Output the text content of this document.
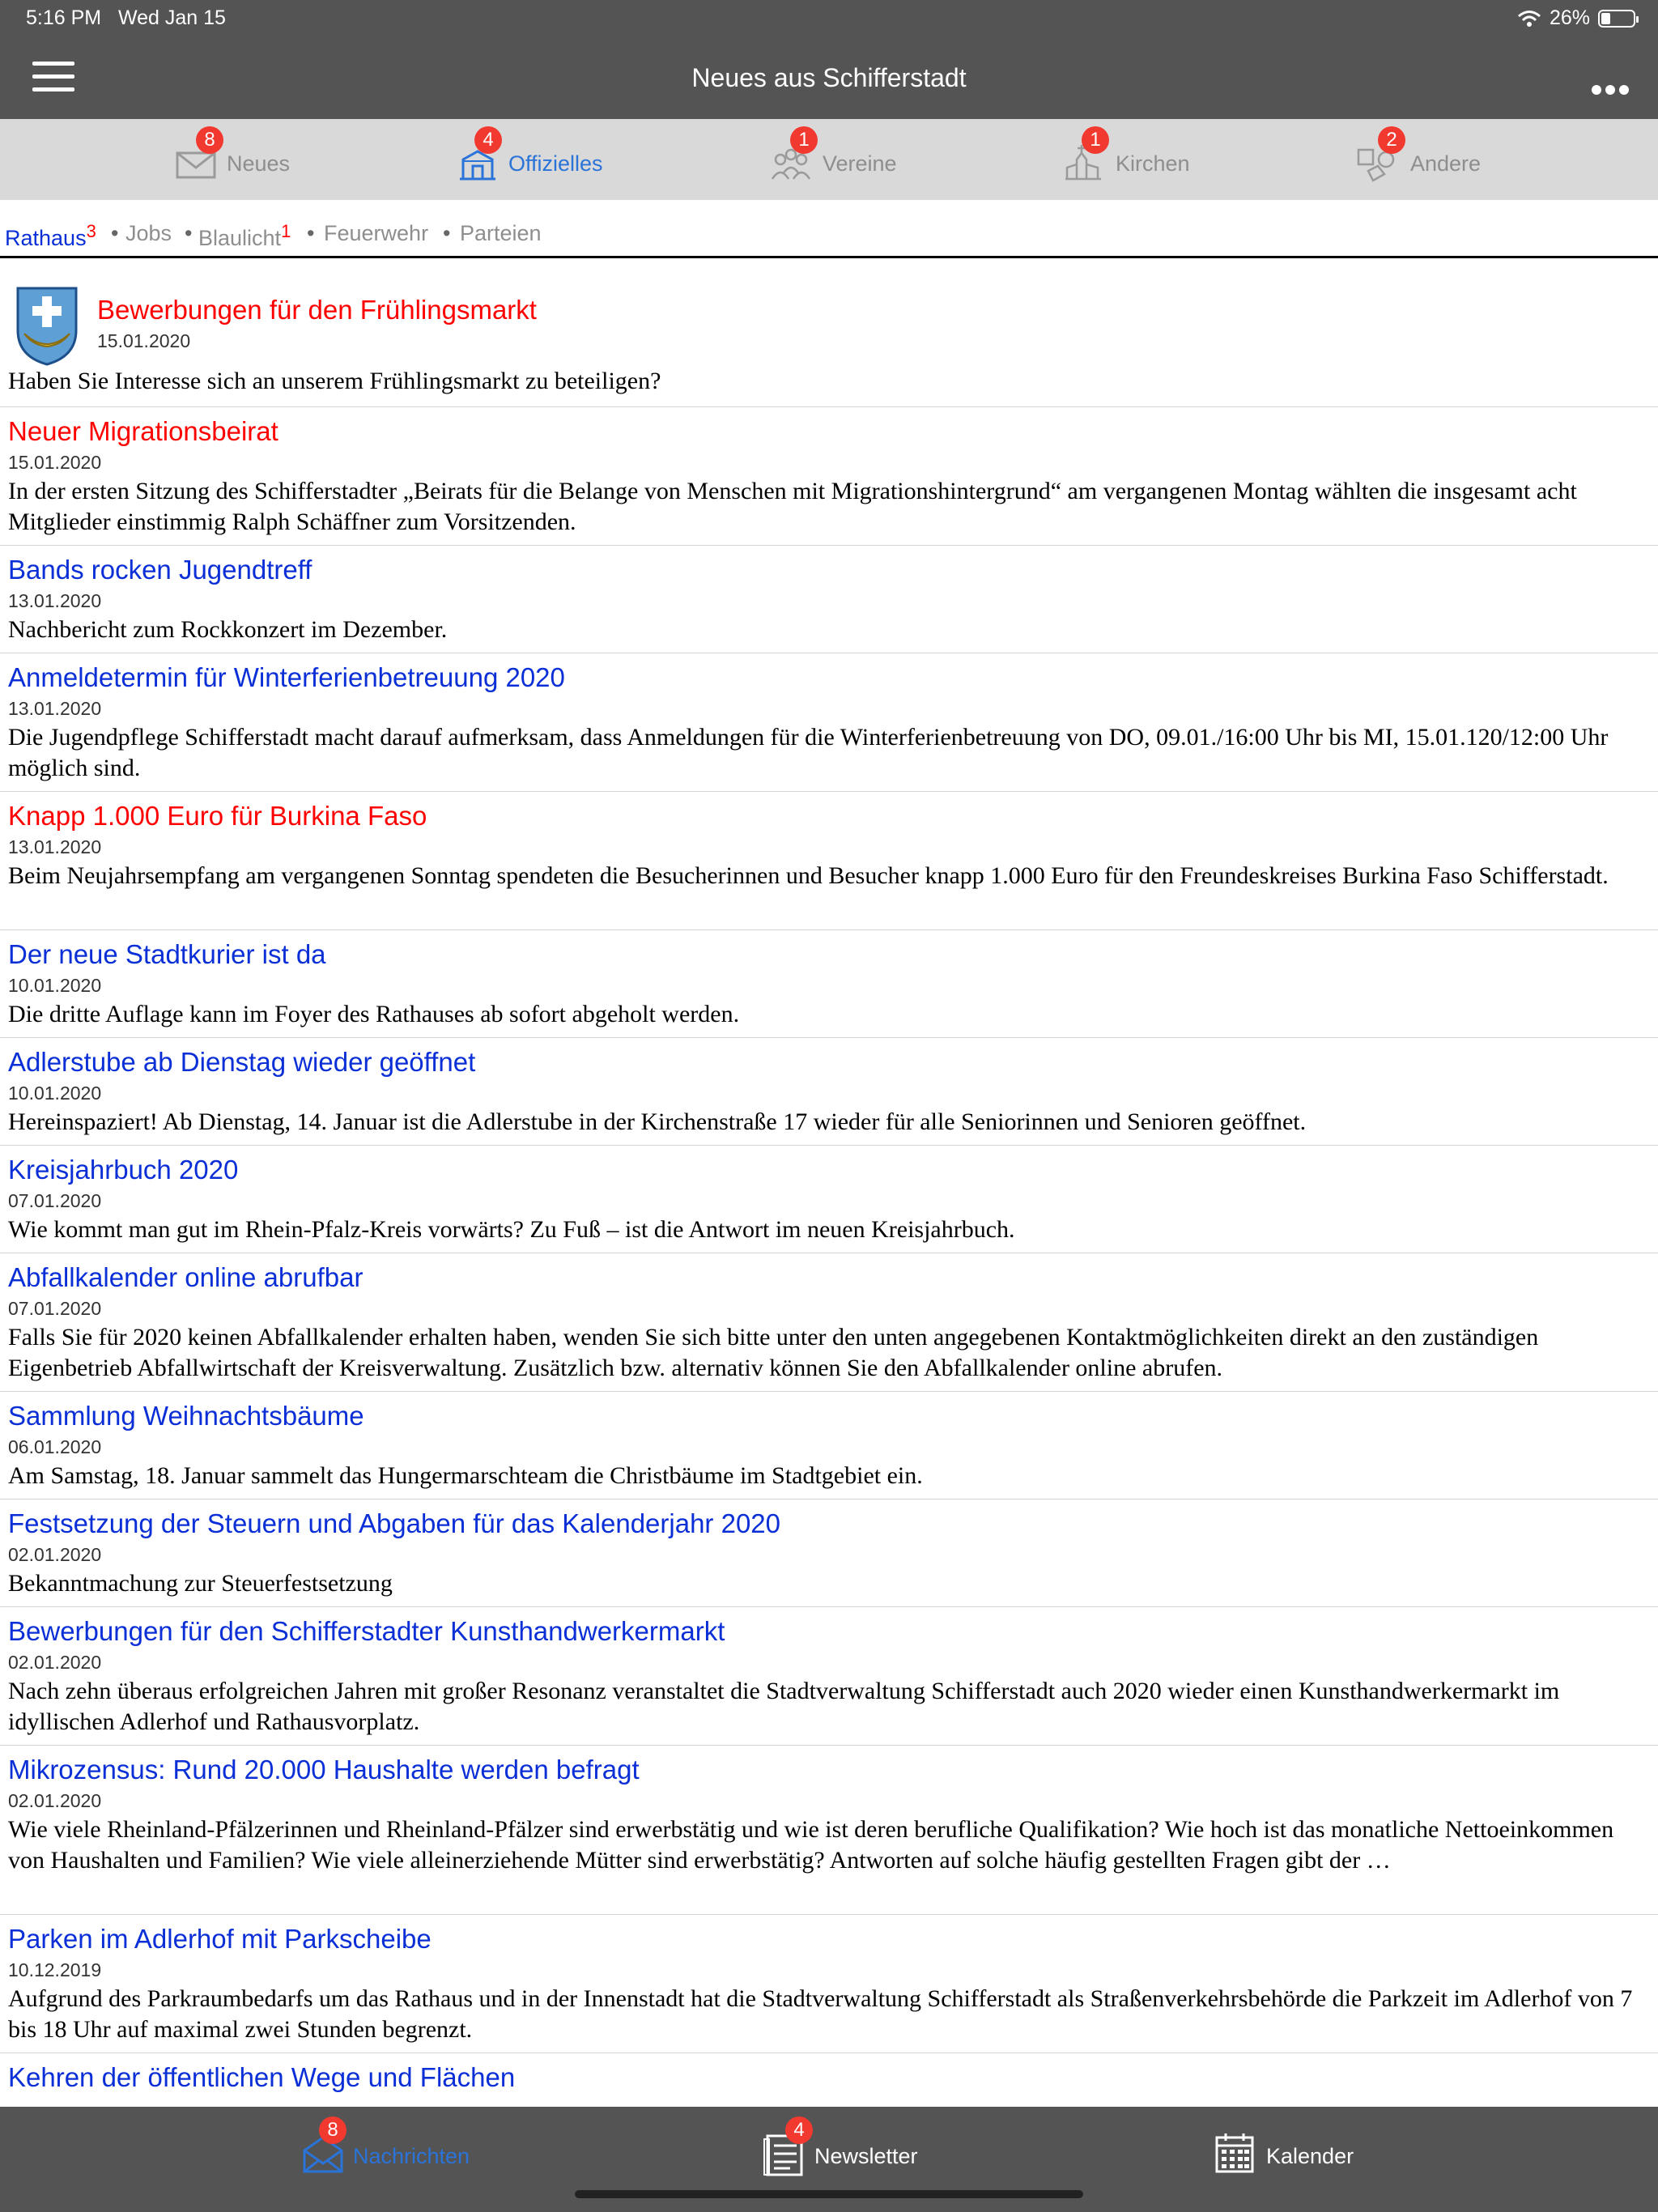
5:16 PM Wed Jan 15	26%
Neues aus Schifferstadt
Neues
8
Offizielles
4
Vereine
1
Kirchen
1
Andere
2
Rathaus$^3$ • Jobs • Blaulicht$^1$ • Feuerwehr • Parteien
Bewerbungen für den Frühlingsmarkt
15.01.2020
Haben Sie Interesse sich an unserem Frühlingsmarkt zu beteiligen?
Neuer Migrationsbeirat
15.01.2020
In der ersten Sitzung des Schifferstadter „Beirats für die Belange von Menschen mit Migrationshintergrund“ am vergangenen Montag wählten die insgesamt acht Mitglieder einstimmig Ralph Schäffner zum Vorsitzenden.
Bands rocken Jugendtreff
13.01.2020
Nachbericht zum Rockkonzert im Dezember.
Anmeldetermin für Winterferienbetreuung 2020
13.01.2020
Die Jugendpflege Schifferstadt macht darauf aufmerksam, dass Anmeldungen für die Winterferienbetreuung von DO, 09.01./16:00 Uhr bis MI, 15.01.120/12:00 Uhr möglich sind.
Knapp 1.000 Euro für Burkina Faso
13.01.2020
Beim Neujahrsempfang am vergangenen Sonntag spendeten die Besucherinnen und Besucher knapp 1.000 Euro für den Freundeskreises Burkina Faso Schifferstadt.
Der neue Stadtkurier ist da
10.01.2020
Die dritte Auflage kann im Foyer des Rathauses ab sofort abgeholt werden.
Adlerstube ab Dienstag wieder geöffnet
10.01.2020
Hereinspaziert! Ab Dienstag, 14. Januar ist die Adlerstube in der Kirchenstraße 17 wieder für alle Seniorinnen und Senioren geöffnet.
Kreisjahrbuch 2020
07.01.2020
Wie kommt man gut im Rhein-Pfalz-Kreis vorwärts? Zu Fuß – ist die Antwort im neuen Kreisjahrbuch.
Abfallkalender online abrufbar
07.01.2020
Falls Sie für 2020 keinen Abfallkalender erhalten haben, wenden Sie sich bitte unter den unten angegebenen Kontaktmöglichkeiten direkt an den zuständigen Eigenbetrieb Abfallwirtschaft der Kreisverwaltung. Zusätzlich bzw. alternativ können Sie den Abfallkalender online abrufen.
Sammlung Weihnachtsbäume
06.01.2020
Am Samstag, 18. Januar sammelt das Hungermarschteam die Christbäume im Stadtgebiet ein.
Festsetzung der Steuern und Abgaben für das Kalenderjahr 2020
02.01.2020
Bekanntmachung zur Steuerfestsetzung
Bewerbungen für den Schifferstadter Kunsthandwerkermarkt
02.01.2020
Nach zehn überaus erfolgreichen Jahren mit großer Resonanz veranstaltet die Stadtverwaltung Schifferstadt auch 2020 wieder einen Kunsthandwerkermarkt im idyllischen Adlerhof und Rathausvorplatz.
Mikrozensus: Rund 20.000 Haushalte werden befragt
02.01.2020
Wie viele Rheinland-Pfälzerinnen und Rheinland-Pfälzer sind erwerbstätig und wie ist deren berufliche Qualifikation? Wie hoch ist das monatliche Nettoeinkommen von Haushalten und Familien? Wie viele alleinerziehende Mütter sind erwerbstätig? Antworten auf solche häufig gestellten Fragen gibt der …
Parken im Adlerhof mit Parkscheibe
10.12.2019
Aufgrund des Parkraumbedarfs um das Rathaus und in der Innenstadt hat die Stadtverwaltung Schifferstadt als Straßenverkehrsbehörde die Parkzeit im Adlerhof von 7 bis 18 Uhr auf maximal zwei Stunden begrenzt.
Kehren der öffentlichen Wege und Flächen
Nachrichten
8
Newsletter
4
Kalender
